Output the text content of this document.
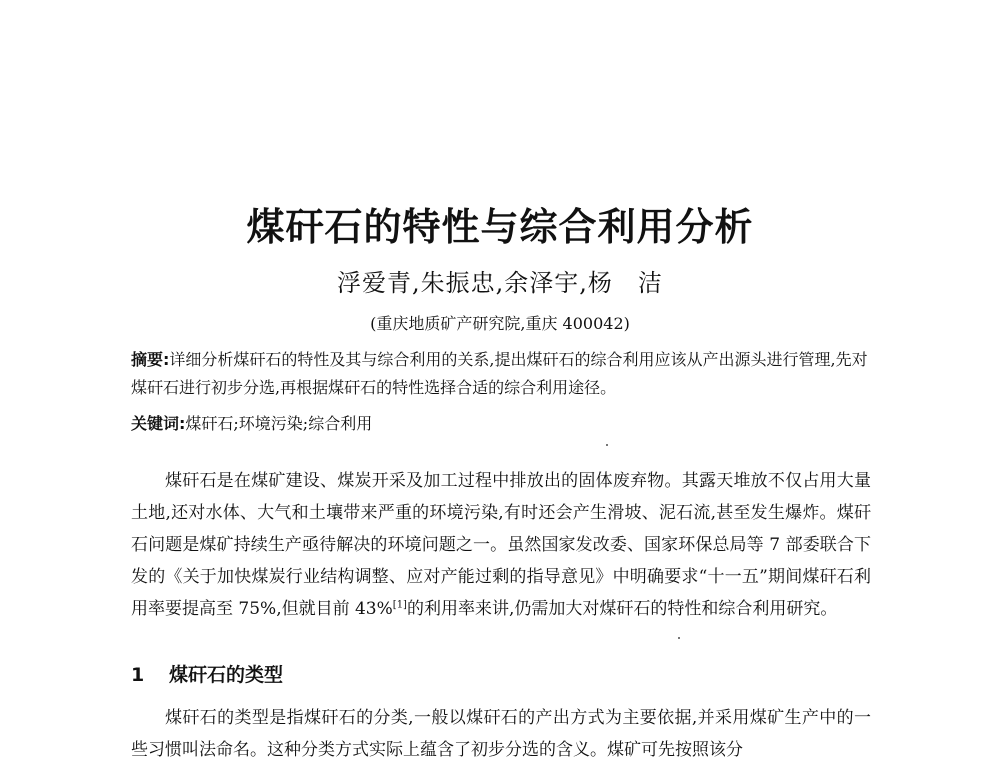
煤矸石的特性与综合利用分析

浮爱青,朱振忠,余泽宇,杨　洁

(重庆地质矿产研究院,重庆 400042)

摘要:详细分析煤矸石的特性及其与综合利用的关系,提出煤矸石的综合利用应该从产出源头进行管理,先对煤矸石进行初步分选,再根据煤矸石的特性选择合适的综合利用途径。

关键词:煤矸石;环境污染;综合利用

煤矸石是在煤矿建设、煤炭开采及加工过程中排放出的固体废弃物。其露天堆放不仅占用大量土地,还对水体、大气和土壤带来严重的环境污染,有时还会产生滑坡、泥石流,甚至发生爆炸。煤矸石问题是煤矿持续生产亟待解决的环境问题之一。虽然国家发改委、国家环保总局等 7 部委联合下发的《关于加快煤炭行业结构调整、应对产能过剩的指导意见》中明确要求“十一五”期间煤矸石利用率要提高至 75%,但就目前 43%[1]的利用率来讲,仍需加大对煤矸石的特性和综合利用研究。

1 煤矸石的类型

煤矸石的类型是指煤矸石的分类,一般以煤矸石的产出方式为主要依据,并采用煤矿生产中的一些习惯叫法命名。这种分类方式实际上蕴含了初步分选的含义。煤矿可先按照该分
